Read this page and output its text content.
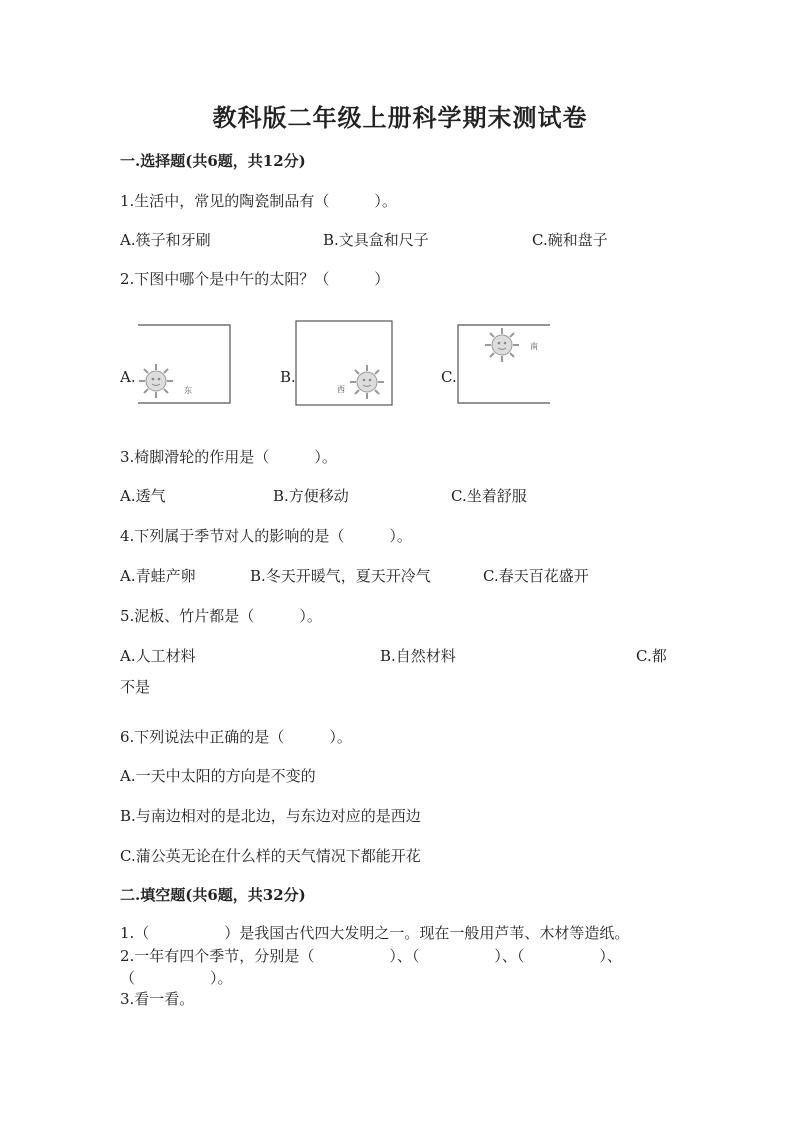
教科版二年级上册科学期末测试卷
一.选择题(共6题，共12分)
1.生活中，常见的陶瓷制品有（　　　）。
A.筷子和牙刷	B.文具盒和尺子	C.碗和盘子
2.下图中哪个是中午的太阳？（　　　）
A.
东
B.
西
C.
南
3.椅脚滑轮的作用是（　　　）。
A.透气	B.方便移动	C.坐着舒服
4.下列属于季节对人的影响的是（　　　）。
A.青蛙产卵	B.冬天开暖气，夏天开冷气	C.春天百花盛开
5.泥板、竹片都是（　　　）。
A.人工材料	B.自然材料	C.都
不是
6.下列说法中正确的是（　　　）。
A.一天中太阳的方向是不变的
B.与南边相对的是北边，与东边对应的是西边
C.蒲公英无论在什么样的天气情况下都能开花
二.填空题(共6题，共32分)
1.（　　　　　）是我国古代四大发明之一。现在一般用芦苇、木材等造纸。
2.一年有四个季节，分别是（　　　　　）、（　　　　　）、（　　　　　）、
（　　　　　）。
3.看一看。
